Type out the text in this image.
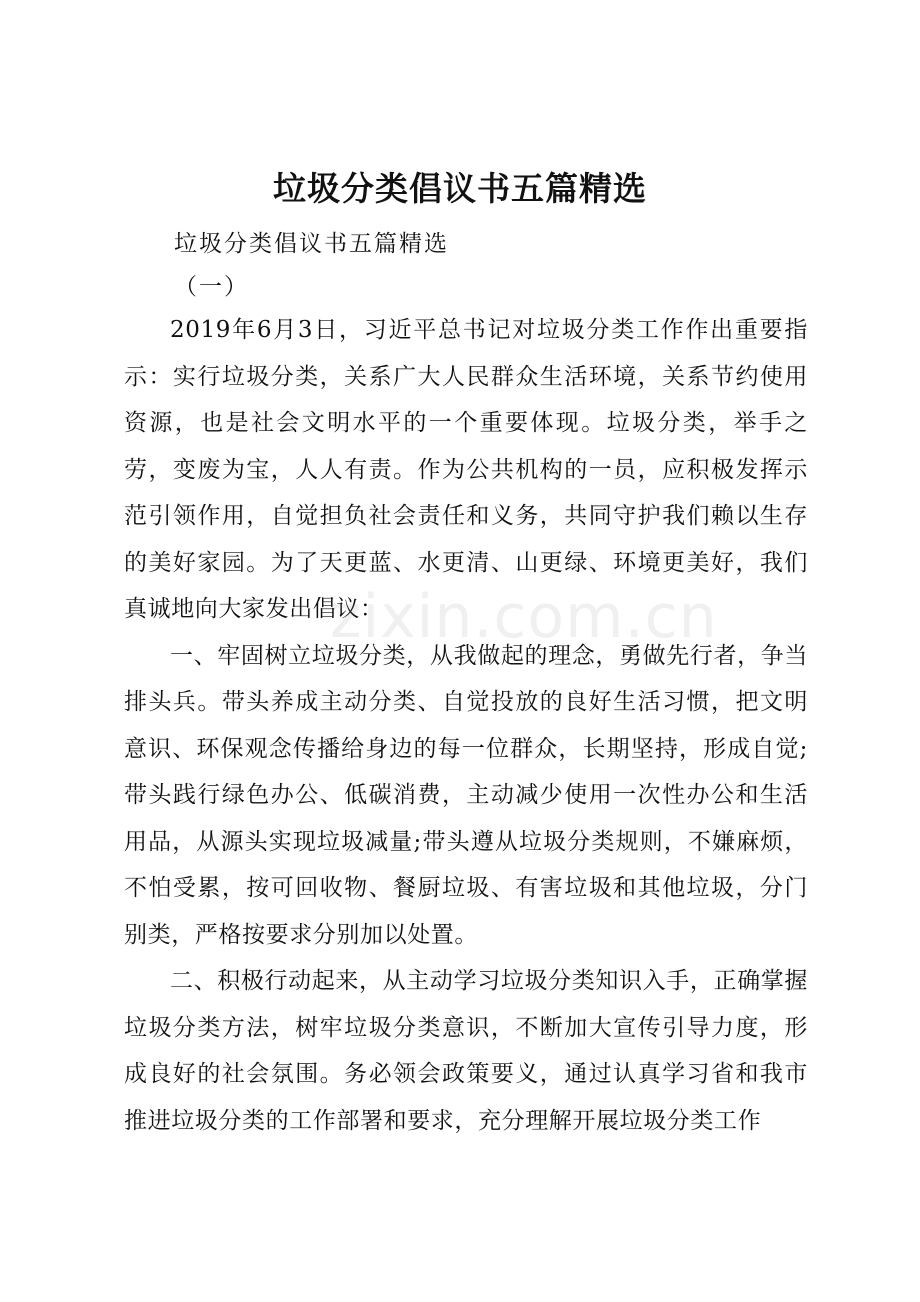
垃圾分类倡议书五篇精选
垃圾分类倡议书五篇精选
（一）

2019年6月3日，习近平总书记对垃圾分类工作作出重要指示：实行垃圾分类，关系广大人民群众生活环境，关系节约使用资源，也是社会文明水平的一个重要体现。垃圾分类，举手之劳，变废为宝，人人有责。作为公共机构的一员，应积极发挥示范引领作用，自觉担负社会责任和义务，共同守护我们赖以生存的美好家园。为了天更蓝、水更清、山更绿、环境更美好，我们真诚地向大家发出倡议：

一、牢固树立垃圾分类，从我做起的理念，勇做先行者，争当排头兵。带头养成主动分类、自觉投放的良好生活习惯，把文明意识、环保观念传播给身边的每一位群众，长期坚持，形成自觉;带头践行绿色办公、低碳消费，主动减少使用一次性办公和生活用品，从源头实现垃圾减量;带头遵从垃圾分类规则，不嫌麻烦，不怕受累，按可回收物、餐厨垃圾、有害垃圾和其他垃圾，分门别类，严格按要求分别加以处置。

二、积极行动起来，从主动学习垃圾分类知识入手，正确掌握垃圾分类方法，树牢垃圾分类意识，不断加大宣传引导力度，形成良好的社会氛围。务必领会政策要义，通过认真学习省和我市推进垃圾分类的工作部署和要求，充分理解开展垃圾分类工作

zixin.com.cn
